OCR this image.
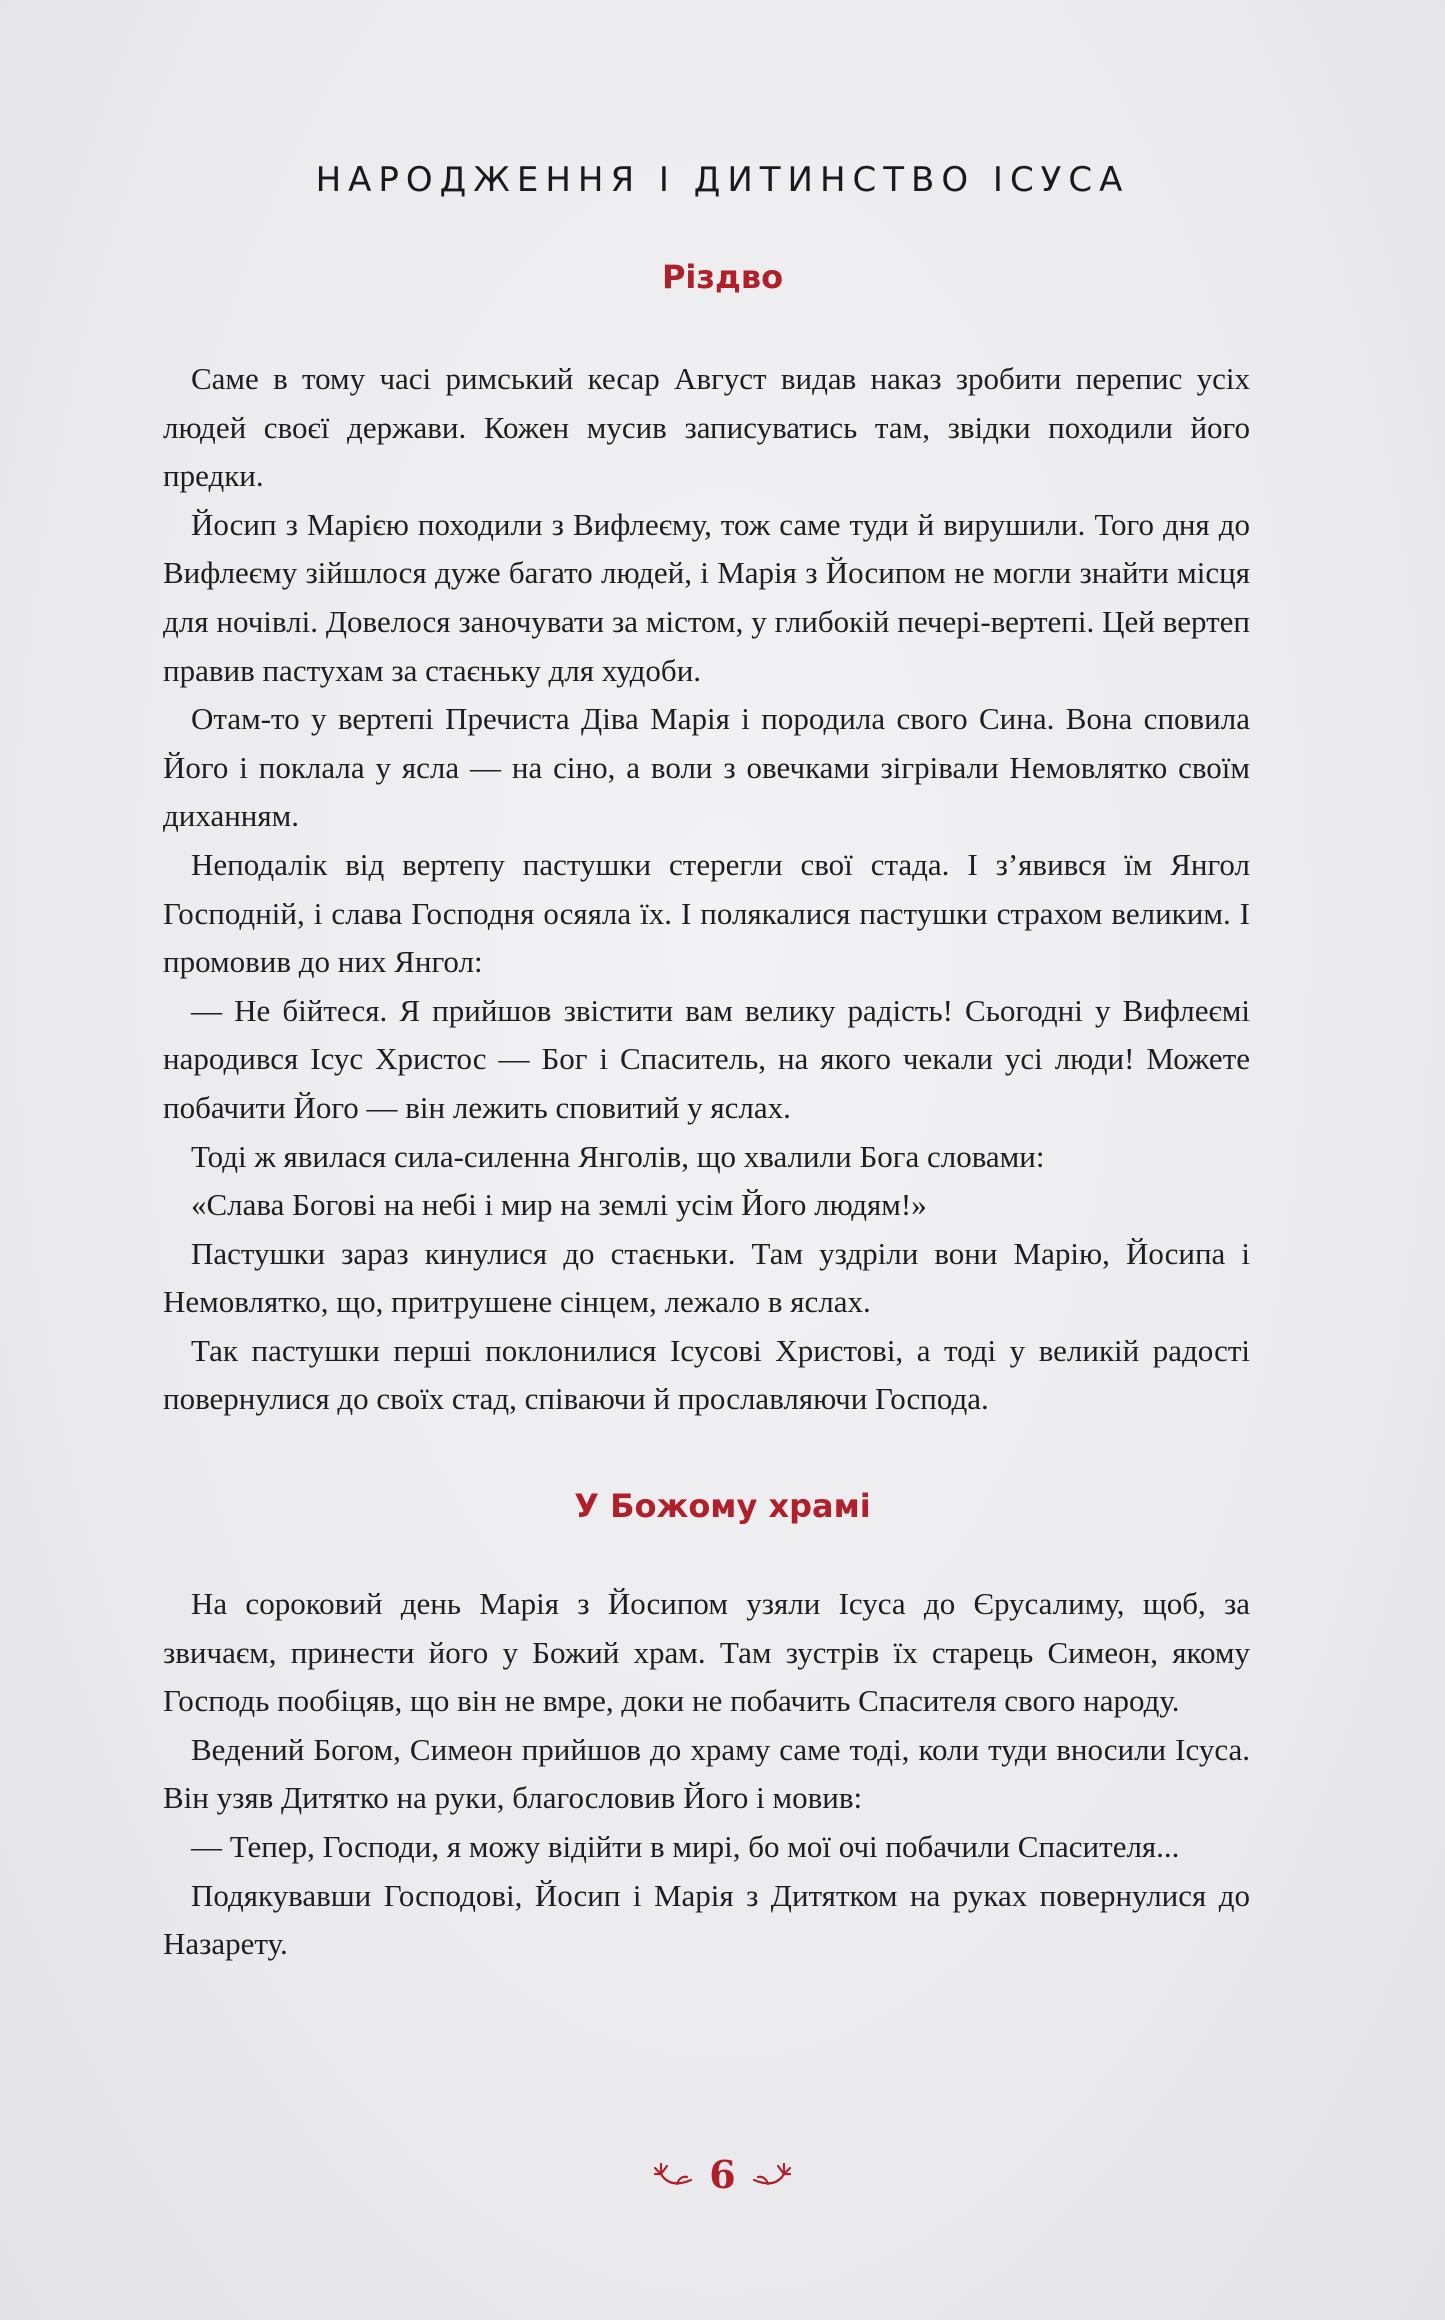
НАРОДЖЕННЯ І ДИТИНСТВО ІСУСА
Різдво

Саме в тому часі римський кесар Август видав наказ зробити перепис усіх людей своєї держави. Кожен мусив записуватись там, звідки походили його предки.

Йосип з Марією походили з Вифлеєму, тож саме туди й вирушили. Того дня до Вифлеєму зійшлося дуже багато людей, і Марія з Йосипом не могли знайти місця для ночівлі. Довелося заночувати за містом, у глибокій печері-вертепі. Цей вертеп правив пастухам за стаєньку для худоби.

Отам-то у вертепі Пречиста Діва Марія і породила свого Сина. Вона сповила Його і поклала у ясла — на сіно, а воли з овечками зігрівали Немовлятко своїм диханням.

Неподалік від вертепу пастушки стерегли свої стада. І з’явився їм Янгол Господній, і слава Господня осяяла їх. І полякалися пастушки страхом великим. І промовив до них Янгол:

— Не бійтеся. Я прийшов звістити вам велику радість! Сьогодні у Вифлеємі народився Ісус Христос — Бог і Спаситель, на якого чекали усі люди! Можете побачити Його — він лежить сповитий у яслах.

Тоді ж явилася сила-силенна Янголів, що хвалили Бога словами:

«Слава Богові на небі і мир на землі усім Його людям!»

Пастушки зараз кинулися до стаєньки. Там уздріли вони Марію, Йосипа і Немовлятко, що, притрушене сінцем, лежало в яслах.

Так пастушки перші поклонилися Ісусові Христові, а тоді у великій радості повернулися до своїх стад, співаючи й прославляючи Господа.

У Божому храмі

На сороковий день Марія з Йосипом узяли Ісуса до Єрусалиму, щоб, за звичаєм, принести його у Божий храм. Там зустрів їх старець Симеон, якому Господь пообіцяв, що він не вмре, доки не побачить Спасителя свого народу.

Ведений Богом, Симеон прийшов до храму саме тоді, коли туди вносили Ісуса. Він узяв Дитятко на руки, благословив Його і мовив:

— Тепер, Господи, я можу відійти в мирі, бо мої очі побачили Спасителя...

Подякувавши Господові, Йосип і Марія з Дитятком на руках повернулися до Назарету.

6
